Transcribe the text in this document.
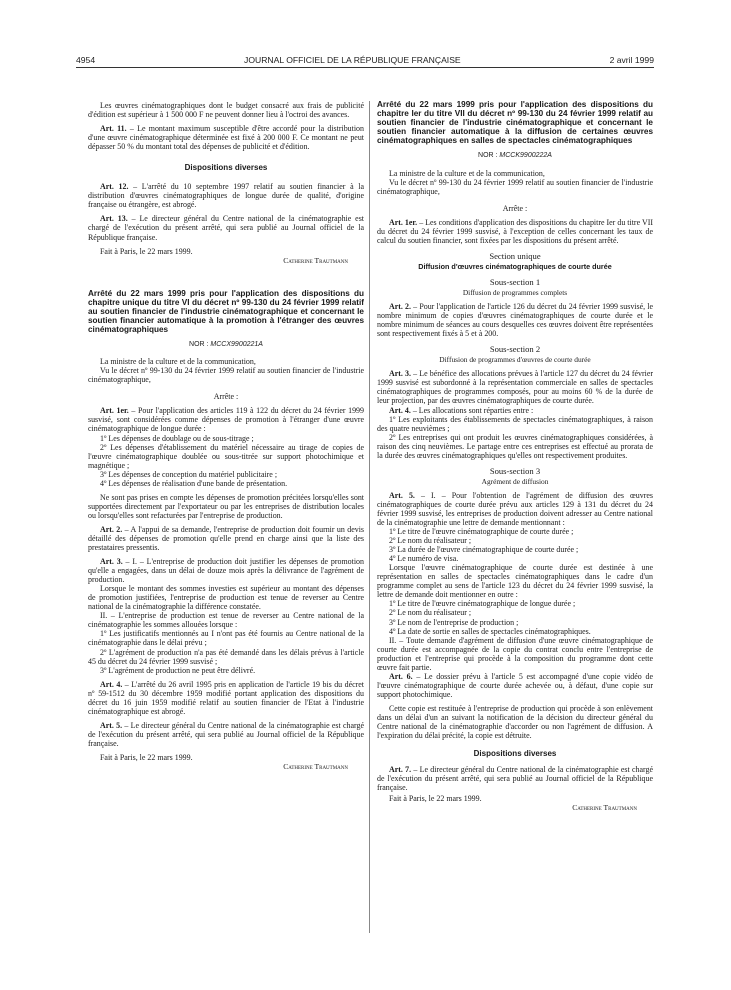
4954	JOURNAL OFFICIEL DE LA RÉPUBLIQUE FRANÇAISE	2 avril 1999

Les œuvres cinématographiques dont le budget consacré aux frais de publicité d'édition est supérieur à 1 500 000 F ne peuvent donner lieu à l'octroi des avances.

Art. 11. – Le montant maximum susceptible d'être accordé pour la distribution d'une œuvre cinématographique déterminée est fixé à 200 000 F. Ce montant ne peut dépasser 50 % du montant total des dépenses de publicité et d'édition.

Dispositions diverses

Art. 12. – L'arrêté du 10 septembre 1997 relatif au soutien financier à la distribution d'œuvres cinématographiques de longue durée de qualité, d'origine française ou étrangère, est abrogé.

Art. 13. – Le directeur général du Centre national de la cinématographie est chargé de l'exécution du présent arrêté, qui sera publié au Journal officiel de la République française.

Fait à Paris, le 22 mars 1999.

Catherine Trautmann

Arrêté du 22 mars 1999 pris pour l'application des dispositions du chapitre unique du titre VI du décret nº 99-130 du 24 février 1999 relatif au soutien financier de l'industrie cinématographique et concernant le soutien financier automatique à la promotion à l'étranger des œuvres cinématographiques

NOR : MCCX9900221A

La ministre de la culture et de la communication,

Vu le décret nº 99-130 du 24 février 1999 relatif au soutien financier de l'industrie cinématographique,

Arrête :

Art. 1er. – Pour l'application des articles 119 à 122 du décret du 24 février 1999 susvisé, sont considérées comme dépenses de promotion à l'étranger d'une œuvre cinématographique de longue durée :

1º Les dépenses de doublage ou de sous-titrage ;

2º Les dépenses d'établissement du matériel nécessaire au tirage de copies de l'œuvre cinématographique doublée ou sous-titrée sur support photochimique et magnétique ;

3º Les dépenses de conception du matériel publicitaire ;

4º Les dépenses de réalisation d'une bande de présentation.

Ne sont pas prises en compte les dépenses de promotion précitées lorsqu'elles sont supportées directement par l'exportateur ou par les entreprises de distribution locales ou lorsqu'elles sont refacturées par l'entreprise de production.

Art. 2. – A l'appui de sa demande, l'entreprise de production doit fournir un devis détaillé des dépenses de promotion qu'elle prend en charge ainsi que la liste des prestataires pressentis.

Art. 3. – I. – L'entreprise de production doit justifier les dépenses de promotion qu'elle a engagées, dans un délai de douze mois après la délivrance de l'agrément de production.

Lorsque le montant des sommes investies est supérieur au montant des dépenses de promotion justifiées, l'entreprise de production est tenue de reverser au Centre national de la cinématographie la différence constatée.

II. – L'entreprise de production est tenue de reverser au Centre national de la cinématographie les sommes allouées lorsque :

1º Les justificatifs mentionnés au I n'ont pas été fournis au Centre national de la cinématographie dans le délai prévu ;

2º L'agrément de production n'a pas été demandé dans les délais prévus à l'article 45 du décret du 24 février 1999 susvisé ;

3º L'agrément de production ne peut être délivré.

Art. 4. – L'arrêté du 26 avril 1995 pris en application de l'article 19 bis du décret nº 59-1512 du 30 décembre 1959 modifié portant application des dispositions du décret du 16 juin 1959 modifié relatif au soutien financier de l'Etat à l'industrie cinématographique est abrogé.

Art. 5. – Le directeur général du Centre national de la cinématographie est chargé de l'exécution du présent arrêté, qui sera publié au Journal officiel de la République française.

Fait à Paris, le 22 mars 1999.

Catherine Trautmann

Arrêté du 22 mars 1999 pris pour l'application des dispositions du chapitre Ier du titre VII du décret nº 99-130 du 24 février 1999 relatif au soutien financier de l'industrie cinématographique et concernant le soutien financier automatique à la diffusion de certaines œuvres cinématographiques en salles de spectacles cinématographiques

NOR : MCCK9900222A

La ministre de la culture et de la communication,

Vu le décret nº 99-130 du 24 février 1999 relatif au soutien financier de l'industrie cinématographique,

Arrête :

Art. 1er. – Les conditions d'application des dispositions du chapitre Ier du titre VII du décret du 24 février 1999 susvisé, à l'exception de celles concernant les taux de calcul du soutien financier, sont fixées par les dispositions du présent arrêté.

Section unique

Diffusion d'œuvres cinématographiques de courte durée

Sous-section 1

Diffusion de programmes complets

Art. 2. – Pour l'application de l'article 126 du décret du 24 février 1999 susvisé, le nombre minimum de copies d'œuvres cinématographiques de courte durée et le nombre minimum de séances au cours desquelles ces œuvres doivent être représentées sont respectivement fixés à 5 et à 200.

Sous-section 2

Diffusion de programmes d'œuvres de courte durée

Art. 3. – Le bénéfice des allocations prévues à l'article 127 du décret du 24 février 1999 susvisé est subordonné à la représentation commerciale en salles de spectacles cinématographiques de programmes composés, pour au moins 60 % de la durée de leur projection, par des œuvres cinématographiques de courte durée.

Art. 4. – Les allocations sont réparties entre :

1º Les exploitants des établissements de spectacles cinématographiques, à raison des quatre neuvièmes ;

2º Les entreprises qui ont produit les œuvres cinématographiques considérées, à raison des cinq neuvièmes. Le partage entre ces entreprises est effectué au prorata de la durée des œuvres cinématographiques qu'elles ont respectivement produites.

Sous-section 3

Agrément de diffusion

Art. 5. – I. – Pour l'obtention de l'agrément de diffusion des œuvres cinématographiques de courte durée prévu aux articles 129 à 131 du décret du 24 février 1999 susvisé, les entreprises de production doivent adresser au Centre national de la cinématographie une lettre de demande mentionnant :

1º Le titre de l'œuvre cinématographique de courte durée ;

2º Le nom du réalisateur ;

3º La durée de l'œuvre cinématographique de courte durée ;

4º Le numéro de visa.

Lorsque l'œuvre cinématographique de courte durée est destinée à une représentation en salles de spectacles cinématographiques dans le cadre d'un programme complet au sens de l'article 123 du décret du 24 février 1999 susvisé, la lettre de demande doit mentionner en outre :

1º Le titre de l'œuvre cinématographique de longue durée ;

2º Le nom du réalisateur ;

3º Le nom de l'entreprise de production ;

4º La date de sortie en salles de spectacles cinématographiques.

II. – Toute demande d'agrément de diffusion d'une œuvre cinématographique de courte durée est accompagnée de la copie du contrat conclu entre l'entreprise de production et l'entreprise qui procède à la composition du programme dont cette œuvre fait partie.

Art. 6. – Le dossier prévu à l'article 5 est accompagné d'une copie vidéo de l'œuvre cinématographique de courte durée achevée ou, à défaut, d'une copie sur support photochimique.

Cette copie est restituée à l'entreprise de production qui procède à son enlèvement dans un délai d'un an suivant la notification de la décision du directeur général du Centre national de la cinématographie d'accorder ou non l'agrément de diffusion. A l'expiration du délai précité, la copie est détruite.

Dispositions diverses

Art. 7. – Le directeur général du Centre national de la cinématographie est chargé de l'exécution du présent arrêté, qui sera publié au Journal officiel de la République française.

Fait à Paris, le 22 mars 1999.

Catherine Trautmann
